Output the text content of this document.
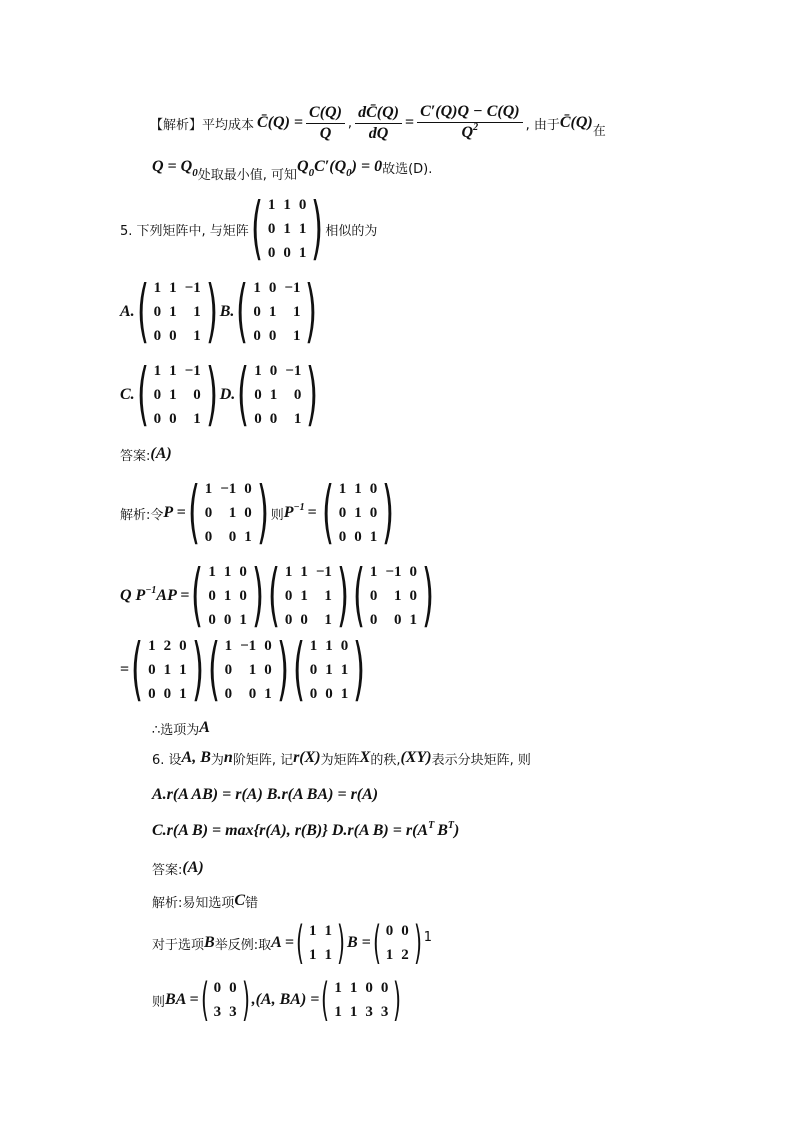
【解析】 平均成本 C̄(Q) = $\frac{C(Q)}{Q}$ , $\frac{dC̄(Q)}{dQ} = \frac{C'(Q)Q - C(Q)}{Q^2}$ , 由于 C̄(Q) 在
$Q = Q_0$ 处取最小值, 可知 $Q_0C'(Q_0) = 0$ 故选(D).
5. 下列矩阵中, 与矩阵 ( 1 1 0
0 1 1
0 0 1 ) 相似的为
A. ( 1 1 −1
0 1 1
0 0 1 ) B. ( 1 0 −1
0 1 1
0 0 1 )
C. ( 1 1 −1
0 1 0
0 0 1 ) D. ( 1 0 −1
0 1 0
0 0 1 )
答案: (A)
解析:令 P = ( 1 −1 0
0 1 0
0 0 1 ) 则 $P^{-1}$ = ( 1 1 0
0 1 0
0 0 1 )
Q $P^{-1}AP$ = ( 1 1 0
0 1 0
0 0 1 ) ( 1 1 −1
0 1 1
0 0 1 ) ( 1 −1 0
0 1 0
0 0 1 )
= ( 1 2 0
0 1 1
0 0 1 ) ( 1 −1 0
0 1 0
0 0 1 ) ( 1 1 0
0 1 1
0 0 1 )
∴选项为 A
6. 设 A, B 为 n 阶矩阵, 记 r(X) 为矩阵 X 的秩, (XY) 表示分块矩阵, 则
A.r(A AB) = r(A) B.r(A BA) = r(A)
C.r(A B) = max{r(A), r(B)} D.r(A $B) = r(A^T$ $B^T$)
答案: (A)
解析:易知选项 C 错
对于选项 B 举反例:取 A = ( 1 1
1 1 ) B = ( 0 0
1 2 ) 1
则 BA = ( 0 0
3 3 ) , (A, BA) = ( 1 1 0 0
1 1 3 3 )
